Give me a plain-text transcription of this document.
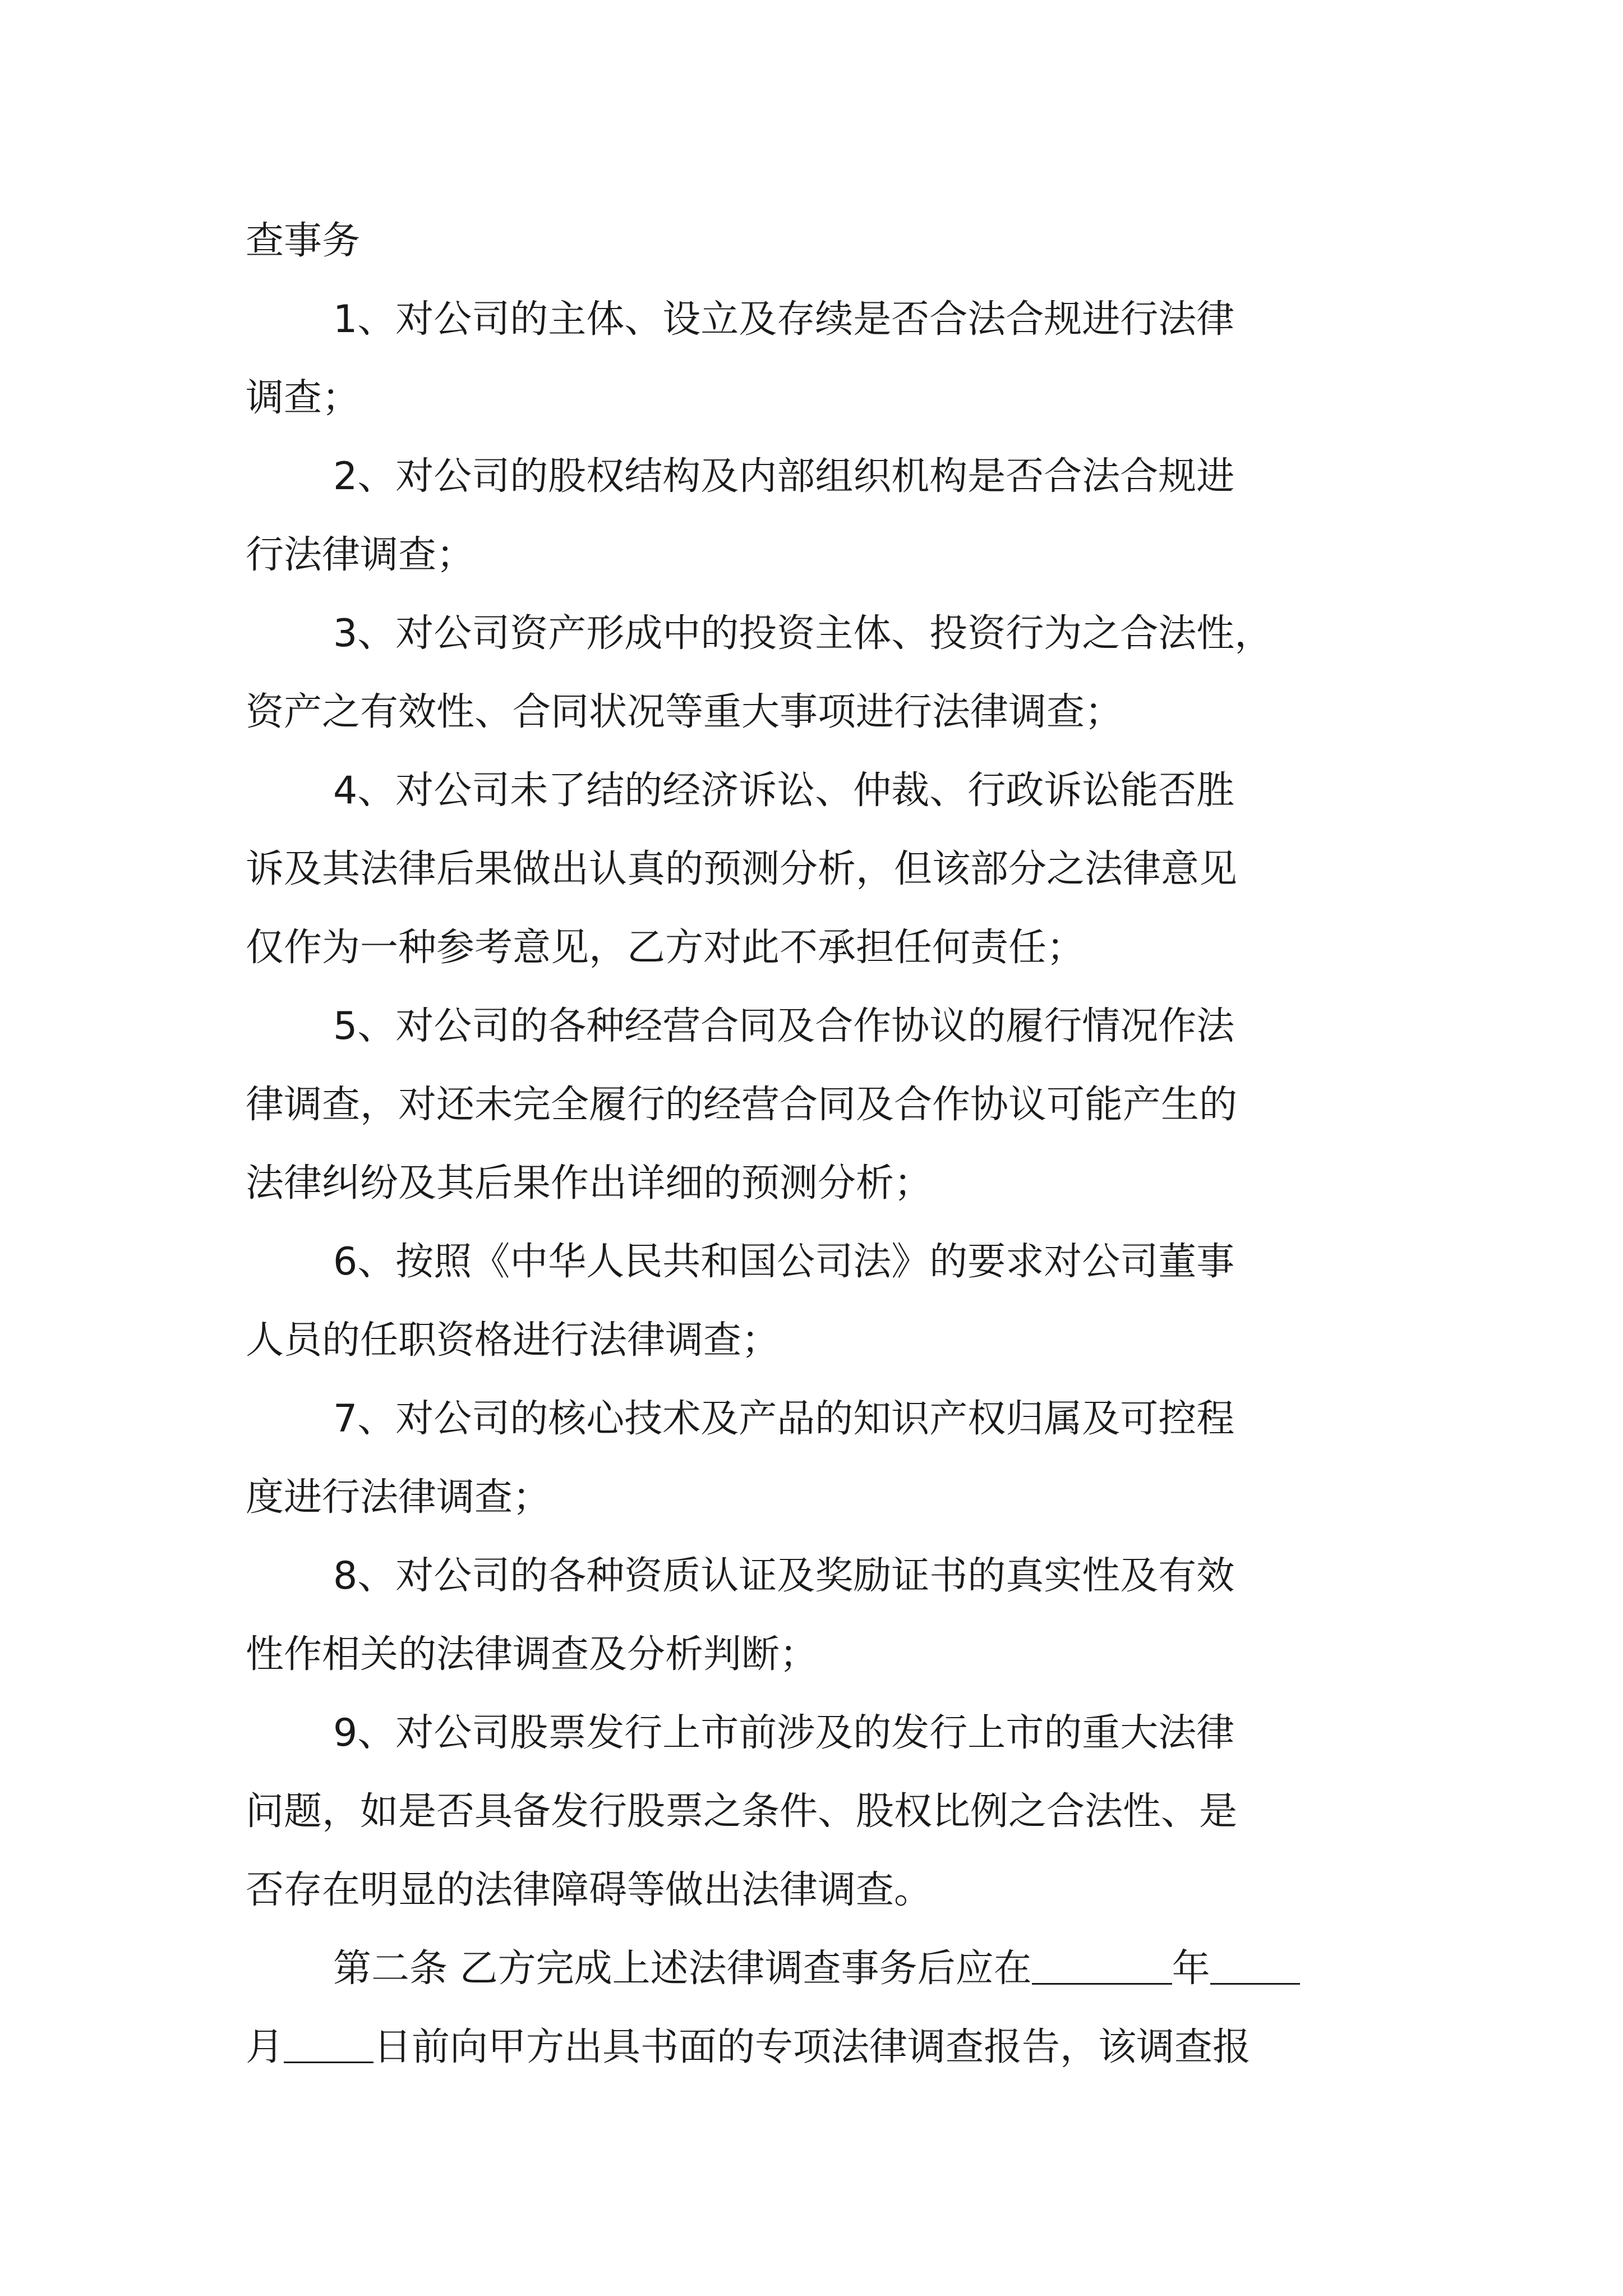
查事务
1、对公司的主体、设立及存续是否合法合规进行法律
调查；
2、对公司的股权结构及内部组织机构是否合法合规进
行法律调查；
3、对公司资产形成中的投资主体、投资行为之合法性，
资产之有效性、合同状况等重大事项进行法律调查；
4、对公司未了结的经济诉讼、仲裁、行政诉讼能否胜
诉及其法律后果做出认真的预测分析，但该部分之法律意见
仅作为一种参考意见，乙方对此不承担任何责任；
5、对公司的各种经营合同及合作协议的履行情况作法
律调查，对还未完全履行的经营合同及合作协议可能产生的
法律纠纷及其后果作出详细的预测分析；
6、按照《中华人民共和国公司法》的要求对公司董事
人员的任职资格进行法律调查；
7、对公司的核心技术及产品的知识产权归属及可控程
度进行法律调查；
8、对公司的各种资质认证及奖励证书的真实性及有效
性作相关的法律调查及分析判断；
9、对公司股票发行上市前涉及的发行上市的重大法律
问题，如是否具备发行股票之条件、股权比例之合法性、是
否存在明显的法律障碍等做出法律调查。
第二条 乙方完成上述法律调查事务后应在	年
月 日前向甲方出具书面的专项法律调查报告，该调查报
